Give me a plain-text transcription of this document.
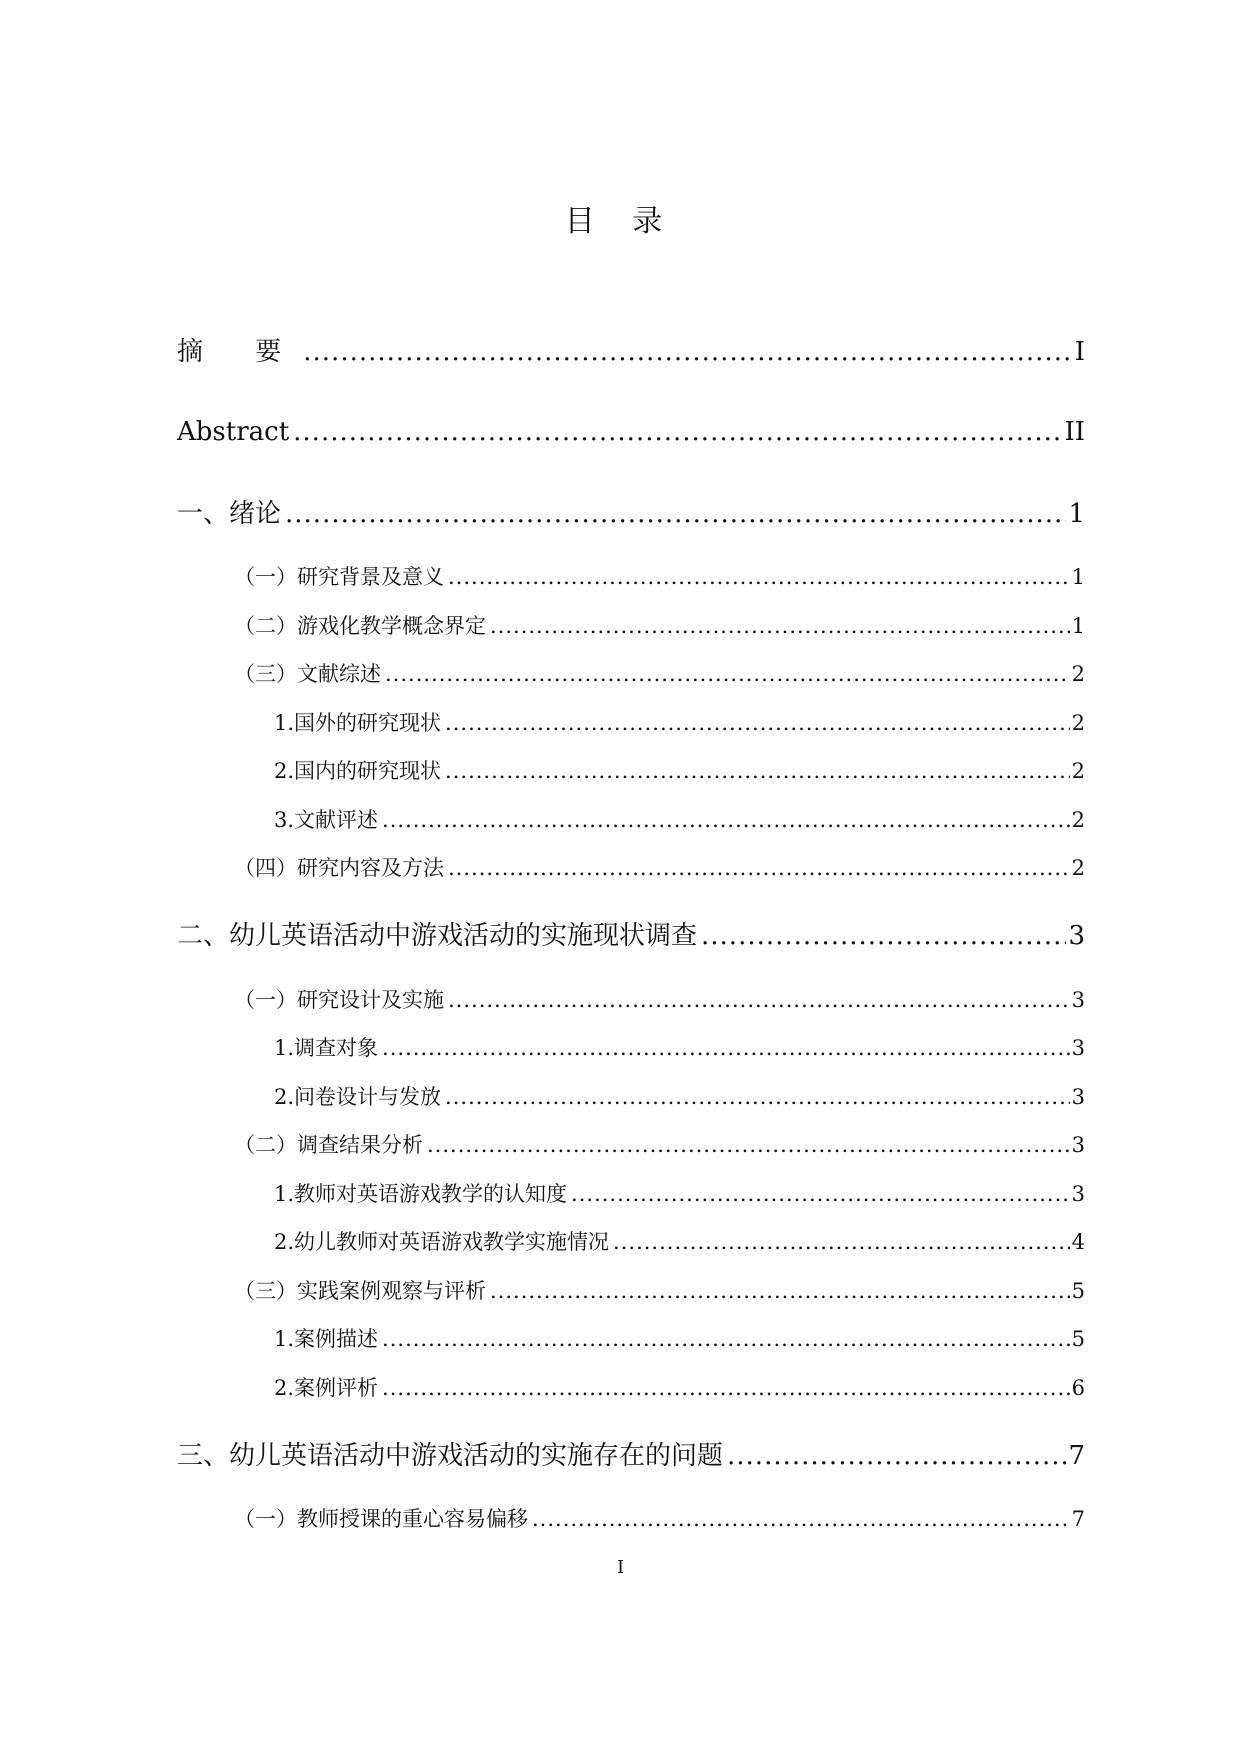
目 录
摘 要 .....	I
Abstract .....	II
一、绪论 .....	1
（一）研究背景及意义 .....	1
（二）游戏化教学概念界定 .....	1
（三）文献综述 .....	2
1.国外的研究现状 .....	2
2.国内的研究现状 .....	2
3.文献评述 .....	2
（四）研究内容及方法 .....	2
二、幼儿英语活动中游戏活动的实施现状调查 .....	3
（一）研究设计及实施 .....	3
1.调查对象 .....	3
2.问卷设计与发放 .....	3
（二）调查结果分析 .....	3
1.教师对英语游戏教学的认知度 .....	3
2.幼儿教师对英语游戏教学实施情况 .....	4
（三）实践案例观察与评析 .....	5
1.案例描述 .....	5
2.案例评析 .....	6
三、幼儿英语活动中游戏活动的实施存在的问题 .....	7
（一）教师授课的重心容易偏移 .....	7
I
